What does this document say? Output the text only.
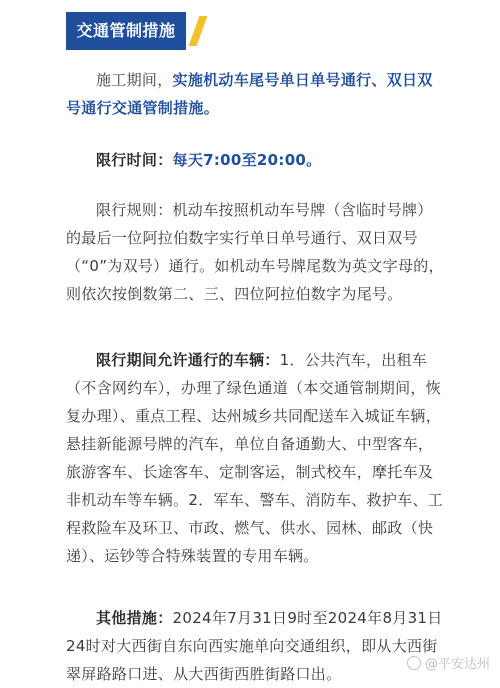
交通管制措施

施工期间，实施机动车尾号单日单号通行、双日双号通行交通管制措施。

限行时间：每天7:00至20:00。

限行规则：机动车按照机动车号牌（含临时号牌）的最后一位阿拉伯数字实行单日单号通行、双日双号（“0”为双号）通行。如机动车号牌尾数为英文字母的，则依次按倒数第二、三、四位阿拉伯数字为尾号。

限行期间允许通行的车辆：1．公共汽车，出租车（不含网约车），办理了绿色通道（本交通管制期间，恢复办理）、重点工程、达州城乡共同配送车入城证车辆，悬挂新能源号牌的汽车，单位自备通勤大、中型客车，旅游客车、长途客车、定制客运，制式校车，摩托车及非机动车等车辆。2．军车、警车、消防车、救护车、工程救险车及环卫、市政、燃气、供水、园林、邮政（快递）、运钞等合特殊装置的专用车辆。

其他措施：2024年7月31日9时至2024年8月31日24时对大西街自东向西实施单向交通组织，即从大西街翠屏路路口进、从大西街西胜街路口出。

@平安达州
